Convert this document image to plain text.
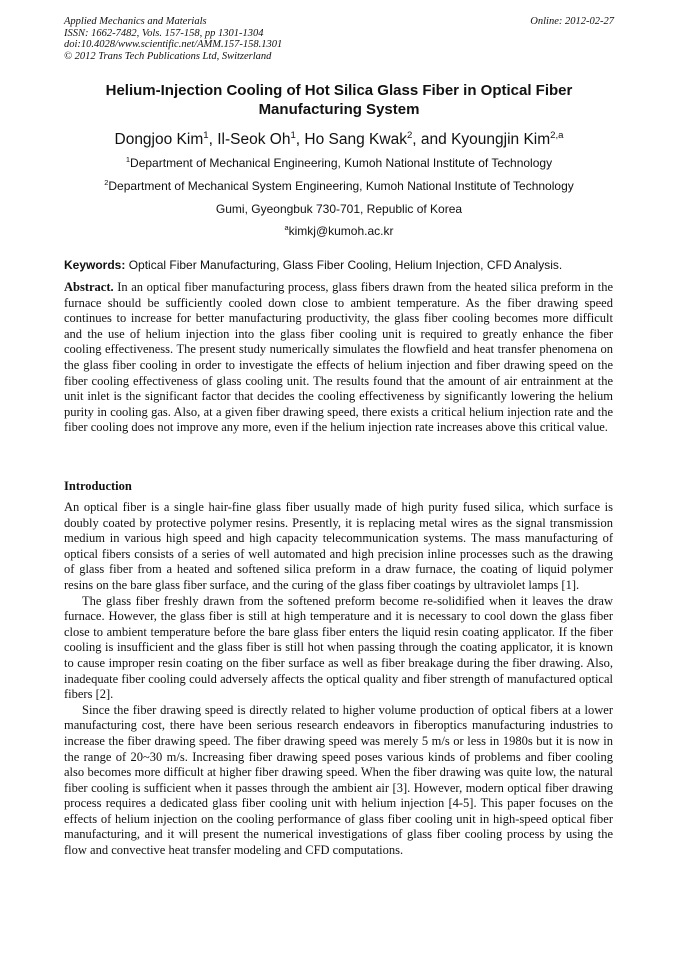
Applied Mechanics and Materials
ISSN: 1662-7482, Vols. 157-158, pp 1301-1304
doi:10.4028/www.scientific.net/AMM.157-158.1301
© 2012 Trans Tech Publications Ltd, Switzerland
Online: 2012-02-27
Helium-Injection Cooling of Hot Silica Glass Fiber in Optical Fiber
Manufacturing System
Dongjoo Kim$^1$, Il-Seok Oh$^1$, Ho Sang Kwak$^2$, and Kyoungjin Kim$^{2,a}$
$^1$Department of Mechanical Engineering, Kumoh National Institute of Technology
$^2$Department of Mechanical System Engineering, Kumoh National Institute of Technology
Gumi, Gyeongbuk 730-701, Republic of Korea
$^a$kimkj@kumoh.ac.kr
Keywords: Optical Fiber Manufacturing, Glass Fiber Cooling, Helium Injection, CFD Analysis.
Abstract. In an optical fiber manufacturing process, glass fibers drawn from the heated silica preform in the furnace should be sufficiently cooled down close to ambient temperature. As the fiber drawing speed continues to increase for better manufacturing productivity, the glass fiber cooling becomes more difficult and the use of helium injection into the glass fiber cooling unit is required to greatly enhance the fiber cooling effectiveness. The present study numerically simulates the flowfield and heat transfer phenomena on the glass fiber cooling in order to investigate the effects of helium injection and fiber drawing speed on the fiber cooling effectiveness of glass cooling unit. The results found that the amount of air entrainment at the unit inlet is the significant factor that decides the cooling effectiveness by significantly lowering the helium purity in cooling gas. Also, at a given fiber drawing speed, there exists a critical helium injection rate and the fiber cooling does not improve any more, even if the helium injection rate increases above this critical value.
Introduction

An optical fiber is a single hair-fine glass fiber usually made of high purity fused silica, which surface is doubly coated by protective polymer resins. Presently, it is replacing metal wires as the signal transmission medium in various high speed and high capacity telecommunication systems. The mass manufacturing of optical fibers consists of a series of well automated and high precision inline processes such as the drawing of glass fiber from a heated and softened silica preform in a draw furnace, the coating of liquid polymer resins on the bare glass fiber surface, and the curing of the glass fiber coatings by ultraviolet lamps [1].

The glass fiber freshly drawn from the softened preform become re-solidified when it leaves the draw furnace. However, the glass fiber is still at high temperature and it is necessary to cool down the glass fiber close to ambient temperature before the bare glass fiber enters the liquid resin coating applicator. If the fiber cooling is insufficient and the glass fiber is still hot when passing through the coating applicator, it is known to cause improper resin coating on the fiber surface as well as fiber breakage during the fiber drawing. Also, inadequate fiber cooling could adversely affects the optical quality and fiber strength of manufactured optical fibers [2].

Since the fiber drawing speed is directly related to higher volume production of optical fibers at a lower manufacturing cost, there have been serious research endeavors in fiberoptics manufacturing industries to increase the fiber drawing speed. The fiber drawing speed was merely 5 m/s or less in 1980s but it is now in the range of 20~30 m/s. Increasing fiber drawing speed poses various kinds of problems and fiber cooling also becomes more difficult at higher fiber drawing speed. When the fiber drawing was quite low, the natural fiber cooling is sufficient when it passes through the ambient air [3]. However, modern optical fiber drawing process requires a dedicated glass fiber cooling unit with helium injection [4-5]. This paper focuses on the effects of helium injection on the cooling performance of glass fiber cooling unit in high-speed optical fiber manufacturing, and it will present the numerical investigations of glass fiber cooling process by using the flow and convective heat transfer modeling and CFD computations.
